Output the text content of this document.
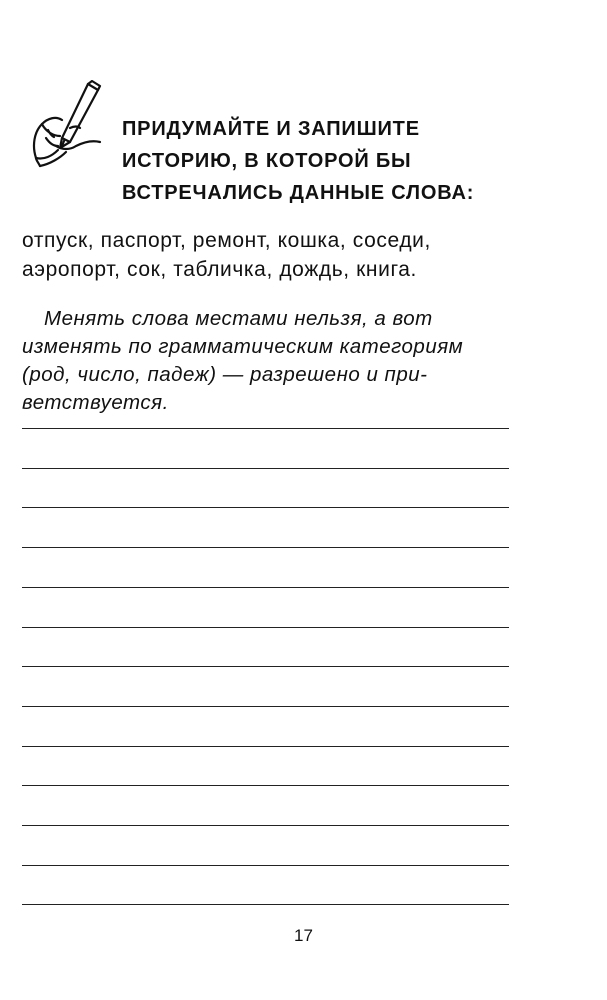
ПРИДУМАЙТЕ И ЗАПИШИТЕ
ИСТОРИЮ, В КОТОРОЙ БЫ
ВСТРЕЧАЛИСЬ ДАННЫЕ СЛОВА:

отпуск, паспорт, ремонт, кошка, соседи,
аэропорт, сок, табличка, дождь, книга.

Менять слова местами нельзя, а вот
изменять по грамматическим категориям
(род, число, падеж) — разрешено и при-
ветствуется.

17
